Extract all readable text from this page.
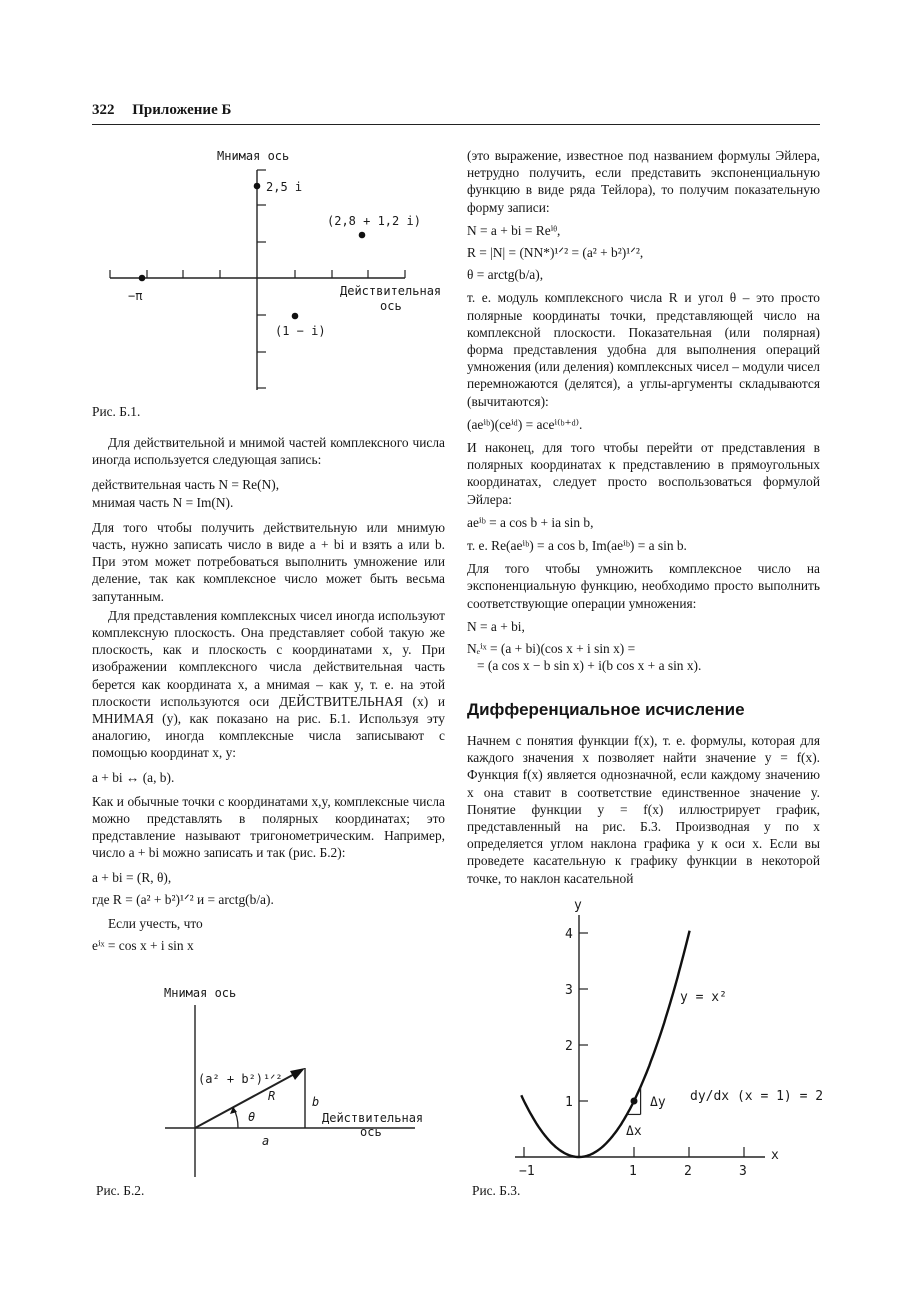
322 Приложение Б
Мнимая ось
2,5 i
(2,8 + 1,2 i)
−π
(1 − i)
Действительная
ось
Рис. Б.1.

Для действительной и мнимой частей комплексного числа иногда используется следующая запись:

действительная часть N = Re(N),

мнимая часть N = Im(N).

Для того чтобы получить действительную или мнимую часть, нужно записать число в виде a + bi и взять a или b. При этом может потребоваться выполнить умножение или деление, так как комплексное число может быть весьма запутанным.

Для представления комплексных чисел иногда используют комплексную плоскость. Она представляет собой такую же плоскость, как и плоскость с координатами x, y. При изображении комплексного числа действительная часть берется как координата x, а мнимая – как y, т. е. на этой плоскости используются оси ДЕЙСТВИТЕЛЬНАЯ (x) и МНИМАЯ (y), как показано на рис. Б.1. Используя эту аналогию, иногда комплексные числа записывают с помощью координат x, y:

a + bi ↔ (a, b).

Как и обычные точки с координатами x,y, комплексные числа можно представлять в полярных координатах; это представление называют тригонометрическим. Например, число a + bi можно записать и так (рис. Б.2):

a + bi = (R, θ),

где R = (a² + b²)¹ᐟ² и = arctg(b/a).

Если учесть, что

eⁱˣ = cos x + i sin x

Мнимая ось
(a² + b²)¹ᐟ²
R
θ
a
b
Действительная
ось
Рис. Б.2.

(это выражение, известное под названием формулы Эйлера, нетрудно получить, если представить экспоненциальную функцию в виде ряда Тейлора), то получим показательную форму записи:

N = a + bi = Reⁱᶿ,

R = |N| = (NN*)¹ᐟ² = (a² + b²)¹ᐟ²,

θ = arctg(b/a),

т. е. модуль комплексного числа R и угол θ – это просто полярные координаты точки, представляющей число на комплексной плоскости. Показательная (или полярная) форма представления удобна для выполнения операций умножения (или деления) комплексных чисел – модули чисел перемножаются (делятся), а углы-аргументы складываются (вычитаются):

(aeⁱᵇ)(ceⁱᵈ) = aceⁱ⁽ᵇ⁺ᵈ⁾.

И наконец, для того чтобы перейти от представления в полярных координатах к представлению в прямоугольных координатах, следует просто воспользоваться формулой Эйлера:

aeⁱᵇ = a cos b + ia sin b,

т. е. Re(aeⁱᵇ) = a cos b, Im(aeⁱᵇ) = a sin b.

Для того чтобы умножить комплексное число на экспоненциальную функцию, необходимо просто выполнить соответствующие операции умножения:

N = a + bi,

Nₑⁱˣ = (a + bi)(cos x + i sin x) =

= (a cos x − b sin x) + i(b cos x + a sin x).

Дифференциальное исчисление

Начнем с понятия функции f(x), т. е. формулы, которая для каждого значения x позволяет найти значение y = f(x). Функция f(x) является однозначной, если каждому значению x она ставит в соответствие единственное значение y. Понятие функции y = f(x) иллюстрирует график, представленный на рис. Б.3. Производная y по x определяется углом наклона графика y к оси x. Если вы проведете касательную к графику функции в некоторой точке, то наклон касательной

y
x
−1	1	2	3
1
2
3
4
y = x²
Δy
Δx
dy/dx (x = 1) = 2
Рис. Б.3.
